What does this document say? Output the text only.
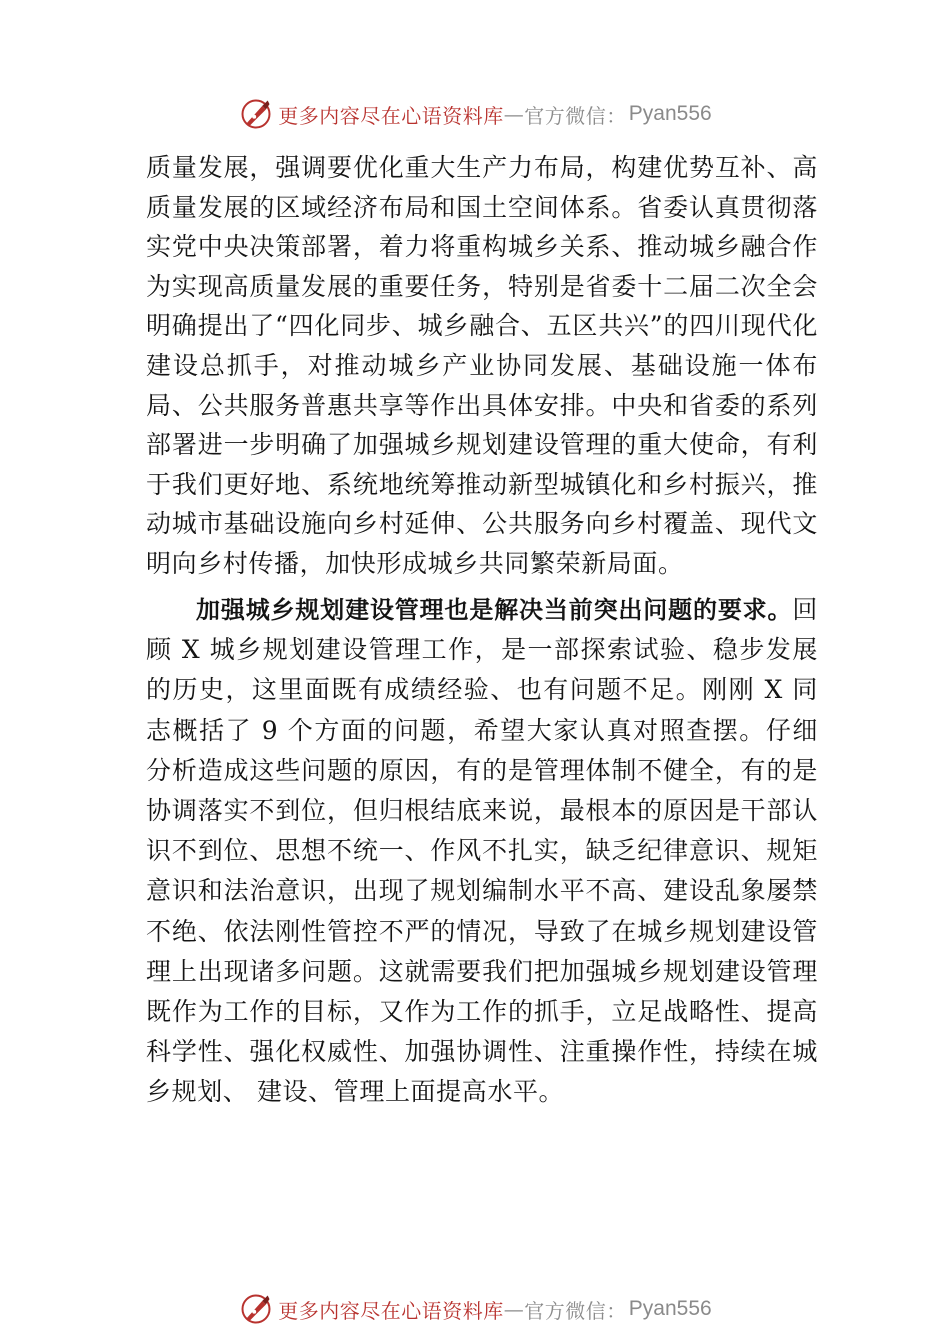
更多内容尽在心语资料库 — 官方微信： Pyan556

质量发展，强调要优化重大生产力布局，构建优势互补、高质量发展的区域经济布局和国土空间体系。省委认真贯彻落实党中央决策部署，着力将重构城乡关系、推动城乡融合作为实现高质量发展的重要任务，特别是省委十二届二次全会明确提出了“四化同步、城乡融合、五区共兴”的四川现代化建设总抓手，对推动城乡产业协同发展、基础设施一体布局、公共服务普惠共享等作出具体安排。中央和省委的系列部署进一步明确了加强城乡规划建设管理的重大使命，有利于我们更好地、系统地统筹推动新型城镇化和乡村振兴，推动城市基础设施向乡村延伸、公共服务向乡村覆盖、现代文明向乡村传播，加快形成城乡共同繁荣新局面。

加强城乡规划建设管理也是解决当前突出问题的要求。回顾 X 城乡规划建设管理工作，是一部探索试验、稳步发展的历史，这里面既有成绩经验、也有问题不足。刚刚 X 同志概括了 9 个方面的问题，希望大家认真对照查摆。仔细分析造成这些问题的原因，有的是管理体制不健全，有的是协调落实不到位，但归根结底来说，最根本的原因是干部认识不到位、思想不统一、作风不扎实，缺乏纪律意识、规矩意识和法治意识，出现了规划编制水平不高、建设乱象屡禁不绝、依法刚性管控不严的情况，导致了在城乡规划建设管理上出现诸多问题。这就需要我们把加强城乡规划建设管理既作为工作的目标，又作为工作的抓手，立足战略性、提高科学性、强化权威性、加强协调性、注重操作性，持续在城乡规划、 建设、管理上面提高水平。

更多内容尽在心语资料库 — 官方微信： Pyan556
